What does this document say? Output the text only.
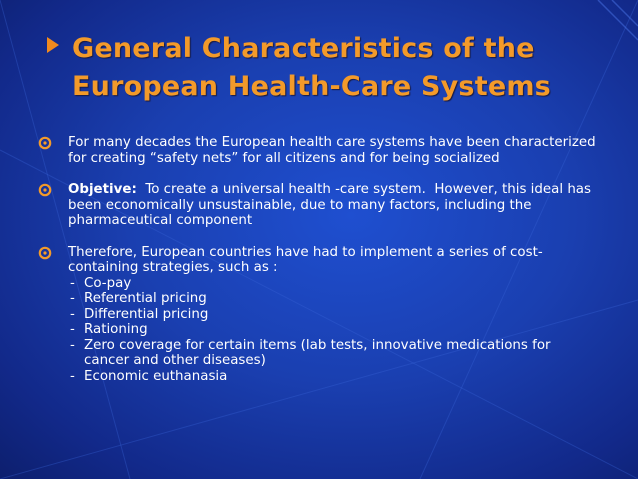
General Characteristics of the European Health-Care Systems
For many decades the European health care systems have been characterized for creating “safety nets” for all citizens and for being socialized
Objetive:  To create a universal health -care system.  However, this ideal has been economically unsustainable, due to many factors, including the pharmaceutical component
Therefore, European countries have had to implement a series of cost-containing strategies, such as :
- Co-pay
- Referential pricing
- Differential pricing
- Rationing
- Zero coverage for certain items (lab tests, innovative medications for cancer and other diseases)
- Economic euthanasia
